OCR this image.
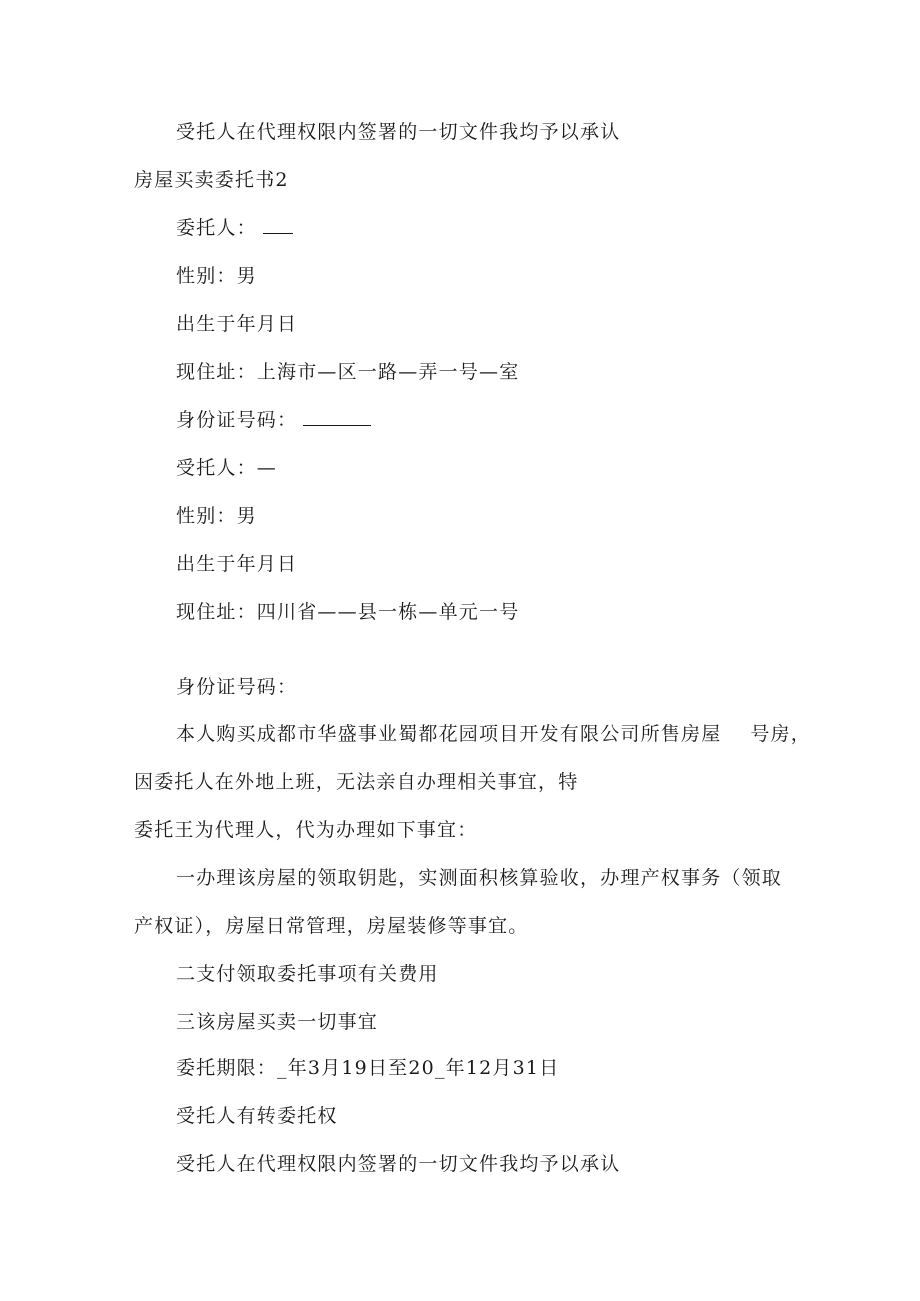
受托人在代理权限内签署的一切文件我均予以承认
房屋买卖委托书2
委托人：
性别：男
出生于年月日
现住址：上海市—区一路—弄一号—室
身份证号码：
受托人：—
性别：男
出生于年月日
现住址：四川省——县一栋—单元一号
身份证号码：
本人购买成都市华盛事业蜀都花园项目开发有限公司所售房屋    号房，
因委托人在外地上班，无法亲自办理相关事宜，特
委托王为代理人，代为办理如下事宜：
一办理该房屋的领取钥匙，实测面积核算验收，办理产权事务（领取
产权证），房屋日常管理，房屋装修等事宜。
二支付领取委托事项有关费用
三该房屋买卖一切事宜
委托期限：_年3月19日至20_年12月31日
受托人有转委托权
受托人在代理权限内签署的一切文件我均予以承认
